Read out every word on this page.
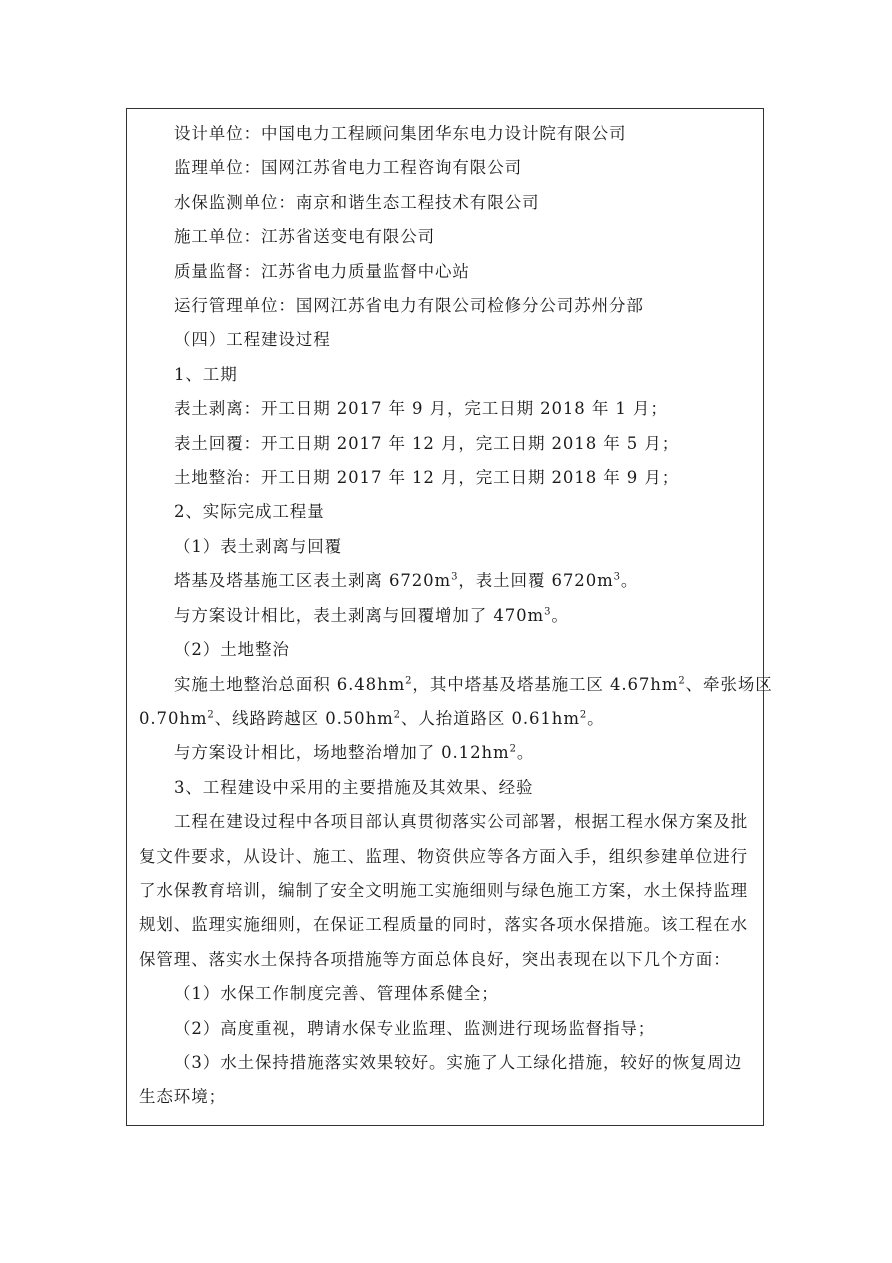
设计单位：中国电力工程顾问集团华东电力设计院有限公司

监理单位：国网江苏省电力工程咨询有限公司

水保监测单位：南京和谐生态工程技术有限公司

施工单位：江苏省送变电有限公司

质量监督：江苏省电力质量监督中心站

运行管理单位：国网江苏省电力有限公司检修分公司苏州分部

（四）工程建设过程

1、工期

表土剥离：开工日期 2017 年 9 月，完工日期 2018 年 1 月；

表土回覆：开工日期 2017 年 12 月，完工日期 2018 年 5 月；

土地整治：开工日期 2017 年 12 月，完工日期 2018 年 9 月；

2、实际完成工程量

（1）表土剥离与回覆

塔基及塔基施工区表土剥离 $6720m^3$，表土回覆 $6720m^3$。

与方案设计相比，表土剥离与回覆增加了 $470m^3$。

（2）土地整治

实施土地整治总面积 $6.48hm^2$，其中塔基及塔基施工区 $4.67hm^2$、牵张场区

$0.70hm^2$、线路跨越区 $0.50hm^2$、人抬道路区 $0.61hm^2$。

与方案设计相比，场地整治增加了 $0.12hm^2$。

3、工程建设中采用的主要措施及其效果、经验

工程在建设过程中各项目部认真贯彻落实公司部署，根据工程水保方案及批

复文件要求，从设计、施工、监理、物资供应等各方面入手，组织参建单位进行

了水保教育培训，编制了安全文明施工实施细则与绿色施工方案，水土保持监理

规划、监理实施细则，在保证工程质量的同时，落实各项水保措施。该工程在水

保管理、落实水土保持各项措施等方面总体良好，突出表现在以下几个方面：

（1）水保工作制度完善、管理体系健全；

（2）高度重视，聘请水保专业监理、监测进行现场监督指导；

（3）水土保持措施落实效果较好。实施了人工绿化措施，较好的恢复周边

生态环境；
